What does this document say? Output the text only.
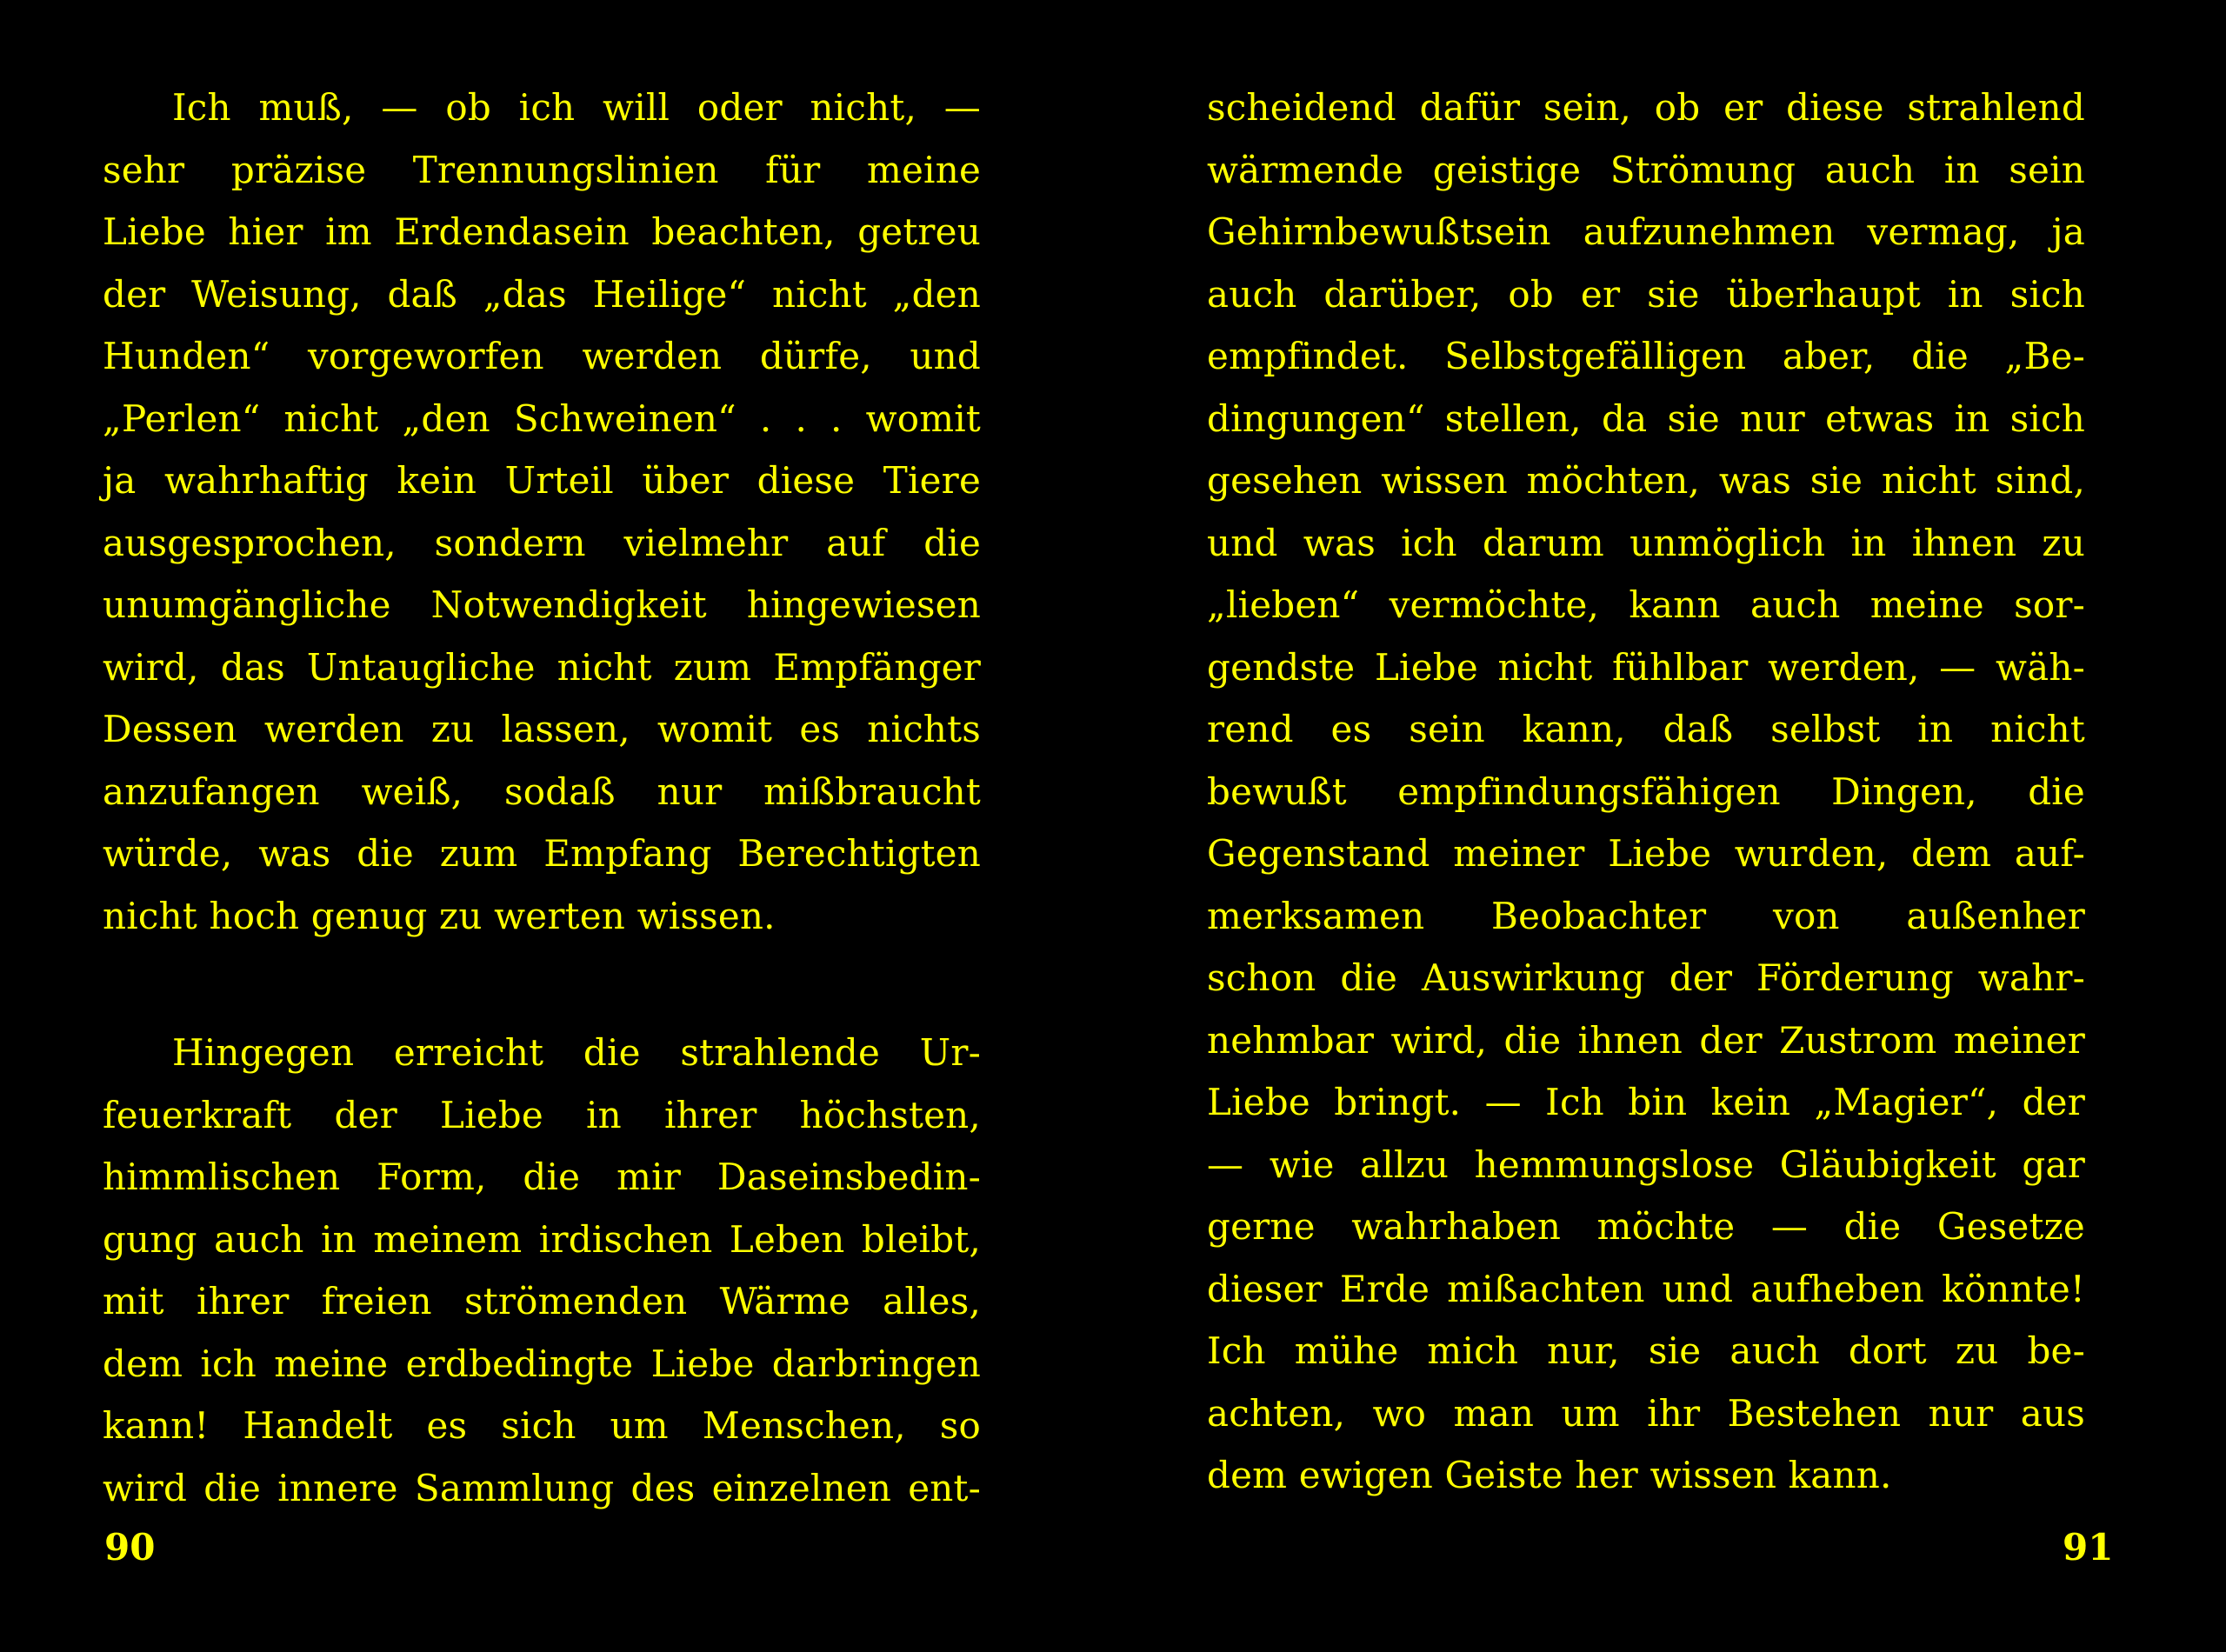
Ich muß, — ob ich will oder nicht, —
sehr präzise Trennungslinien für meine
Liebe hier im Erdendasein beachten, getreu
der Weisung, daß „das Heilige“ nicht „den
Hunden“ vorgeworfen werden dürfe, und
„Perlen“ nicht „den Schweinen“ . . . womit
ja wahrhaftig kein Urteil über diese Tiere
ausgesprochen, sondern vielmehr auf die
unumgängliche Notwendigkeit hingewiesen
wird, das Untaugliche nicht zum Empfänger
Dessen werden zu lassen, womit es nichts
anzufangen weiß, sodaß nur mißbraucht
würde, was die zum Empfang Berechtigten
nicht hoch genug zu werten wissen.
Hingegen erreicht die strahlende Ur-
feuerkraft der Liebe in ihrer höchsten,
himmlischen Form, die mir Daseinsbedin-
gung auch in meinem irdischen Leben bleibt,
mit ihrer freien strömenden Wärme alles,
dem ich meine erdbedingte Liebe darbringen
kann! Handelt es sich um Menschen, so
wird die innere Sammlung des einzelnen ent-
90
scheidend dafür sein, ob er diese strahlend
wärmende geistige Strömung auch in sein
Gehirnbewußtsein aufzunehmen vermag, ja
auch darüber, ob er sie überhaupt in sich
empfindet. Selbstgefälligen aber, die „Be-
dingungen“ stellen, da sie nur etwas in sich
gesehen wissen möchten, was sie nicht sind,
und was ich darum unmöglich in ihnen zu
„lieben“ vermöchte, kann auch meine sor-
gendste Liebe nicht fühlbar werden, — wäh-
rend es sein kann, daß selbst in nicht
bewußt empfindungsfähigen Dingen, die
Gegenstand meiner Liebe wurden, dem auf-
merksamen Beobachter von außenher
schon die Auswirkung der Förderung wahr-
nehmbar wird, die ihnen der Zustrom meiner
Liebe bringt. — Ich bin kein „Magier“, der
— wie allzu hemmungslose Gläubigkeit gar
gerne wahrhaben möchte — die Gesetze
dieser Erde mißachten und aufheben könnte!
Ich mühe mich nur, sie auch dort zu be-
achten, wo man um ihr Bestehen nur aus
dem ewigen Geiste her wissen kann.
91
